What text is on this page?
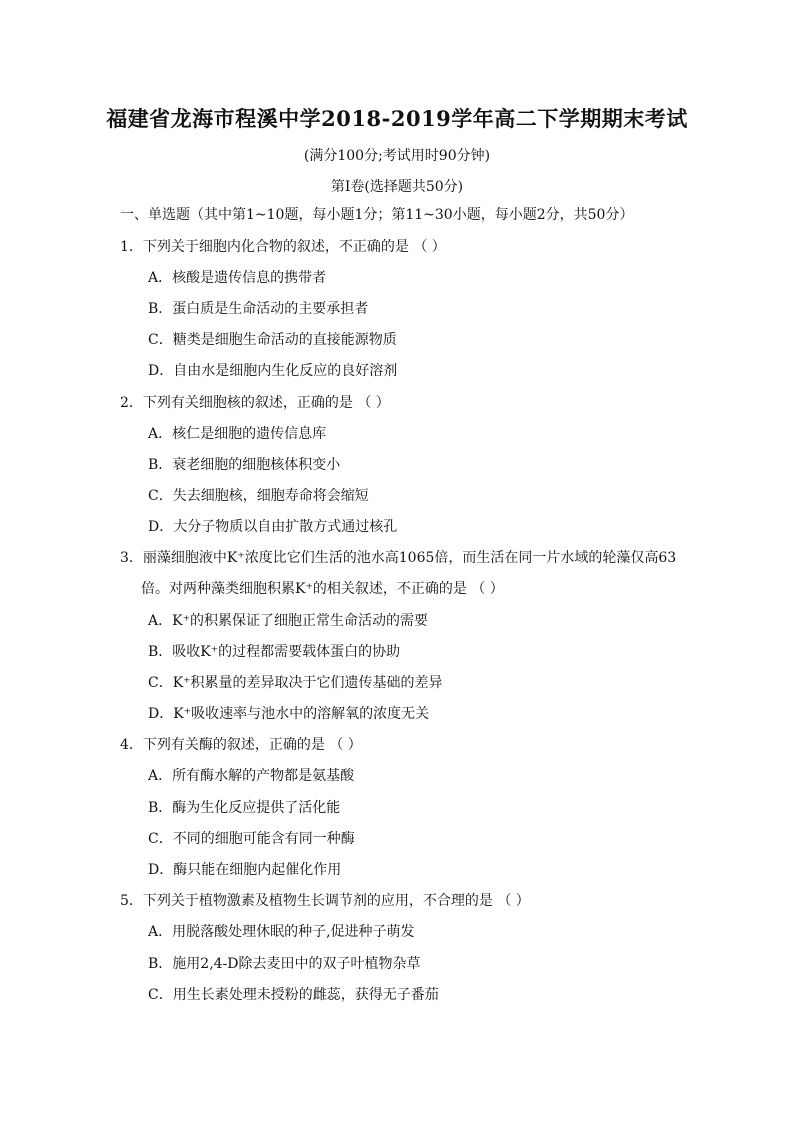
福建省龙海市程溪中学2018-2019学年高二下学期期末考试
(满分100分;考试用时90分钟)
第Ⅰ卷(选择题共50分)
一、单选题（其中第1~10题，每小题1分；第11~30小题，每小题2分，共50分）
1．下列关于细胞内化合物的叙述，不正确的是 （ ）
A．核酸是遗传信息的携带者
B．蛋白质是生命活动的主要承担者
C．糖类是细胞生命活动的直接能源物质
D．自由水是细胞内生化反应的良好溶剂
2．下列有关细胞核的叙述，正确的是 （ ）
A．核仁是细胞的遗传信息库
B．衰老细胞的细胞核体积变小
C．失去细胞核，细胞寿命将会缩短
D．大分子物质以自由扩散方式通过核孔
3．丽藻细胞液中K⁺浓度比它们生活的池水高1065倍，而生活在同一片水域的轮藻仅高63
倍。对两种藻类细胞积累K⁺的相关叙述，不正确的是 （ ）
A．K⁺的积累保证了细胞正常生命活动的需要
B．吸收K⁺的过程都需要载体蛋白的协助
C．K⁺积累量的差异取决于它们遗传基础的差异
D．K⁺吸收速率与池水中的溶解氧的浓度无关
4．下列有关酶的叙述，正确的是 （ ）
A．所有酶水解的产物都是氨基酸
B．酶为生化反应提供了活化能
C．不同的细胞可能含有同一种酶
D．酶只能在细胞内起催化作用
5．下列关于植物激素及植物生长调节剂的应用，不合理的是 （ ）
A．用脱落酸处理休眠的种子,促进种子萌发
B．施用2,4-D除去麦田中的双子叶植物杂草
C．用生长素处理未授粉的雌蕊，获得无子番茄
